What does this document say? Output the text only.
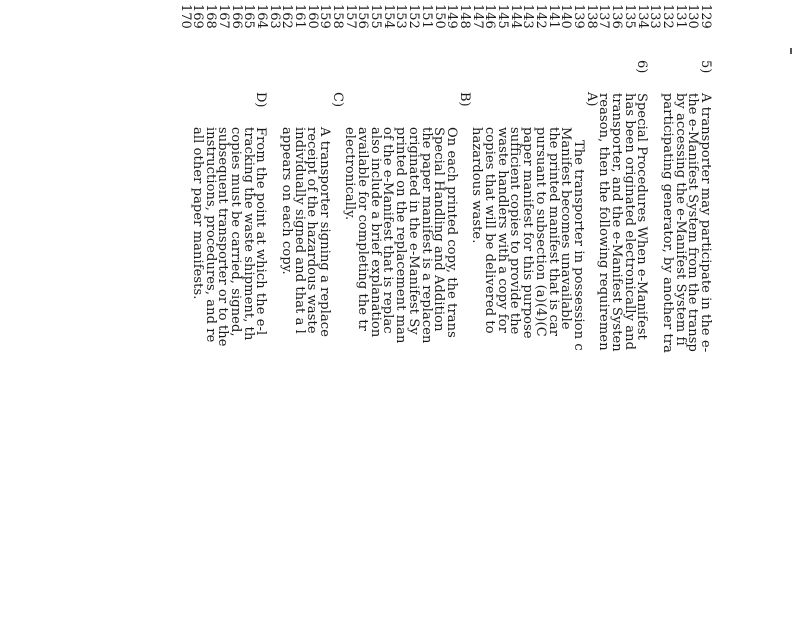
129
130
131
132
133
134
135
136
137
138
139
140
141
142
143
144
145
146
147
148
149
150
151
152
153
154
155
156
157
158
159
160
161
162
163
164
165
166
167
168
169
170
5)
6)
A)
B)
C)
D)	A transporter may participate in the e-
the e-Manifest System from the transp
by accessing the e-Manifest System fi
participating generator, by another tra
Special Procedures When e-Manifest
has been originated electronically and
transporter, and the e-Manifest Systen
reason, then the following requiremen
The transporter in possession c
Manifest becomes unavailable
the printed manifest that is car
pursuant to subsection (a)(4)(C
paper manifest for this purpose
sufficient copies to provide the
waste handlers with a copy for
copies that will be delivered to
hazardous waste.
On each printed copy, the trans
Special Handling and Addition
the paper manifest is a replacen
originated in the e-Manifest Sy
printed on the replacement man
of the e-Manifest that is replac
also include a brief explanation
available for completing the tr
electronically.
A transporter signing a replace
receipt of the hazardous waste
individually signed and that a l
appears on each copy.
From the point at which the e-l
tracking the waste shipment, th
copies must be carried, signed,
subsequent transporter or to the
instructions, procedures, and re
all other paper manifests.
